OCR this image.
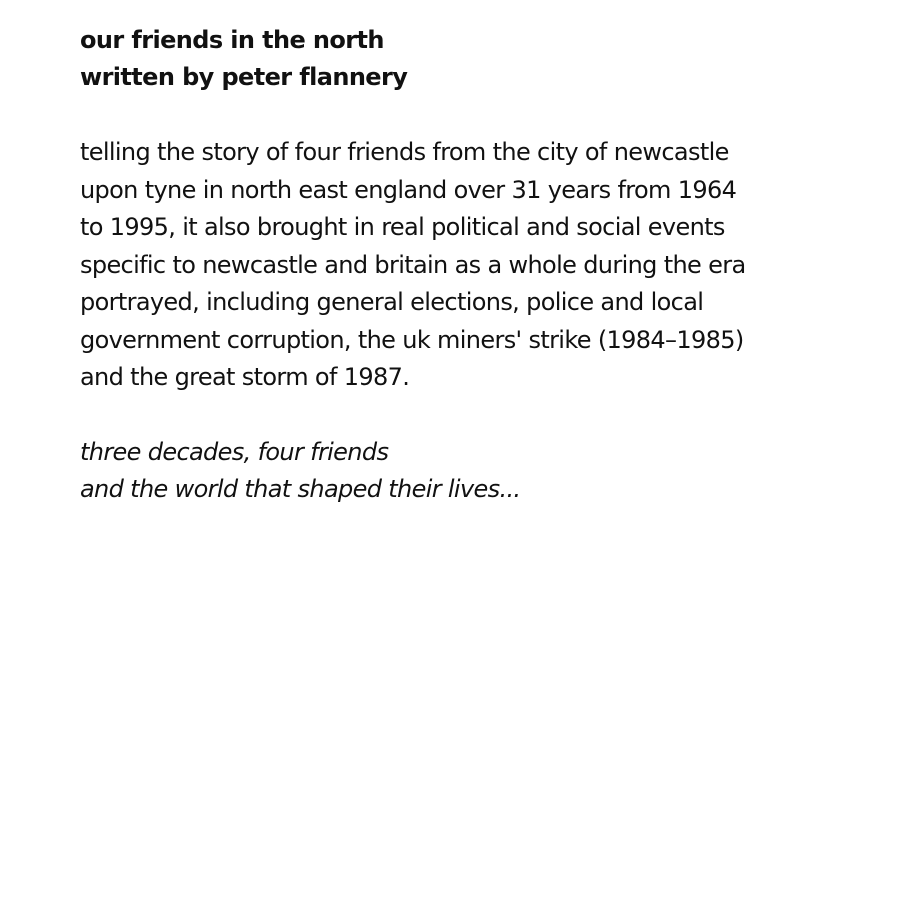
our friends in the north
written by peter flannery

telling the story of four friends from the city of newcastle
upon tyne in north east england over 31 years from 1964
to 1995, it also brought in real political and social events
specific to newcastle and britain as a whole during the era
portrayed, including general elections, police and local
government corruption, the uk miners' strike (1984–1985)
and the great storm of 1987.

three decades, four friends
and the world that shaped their lives...
